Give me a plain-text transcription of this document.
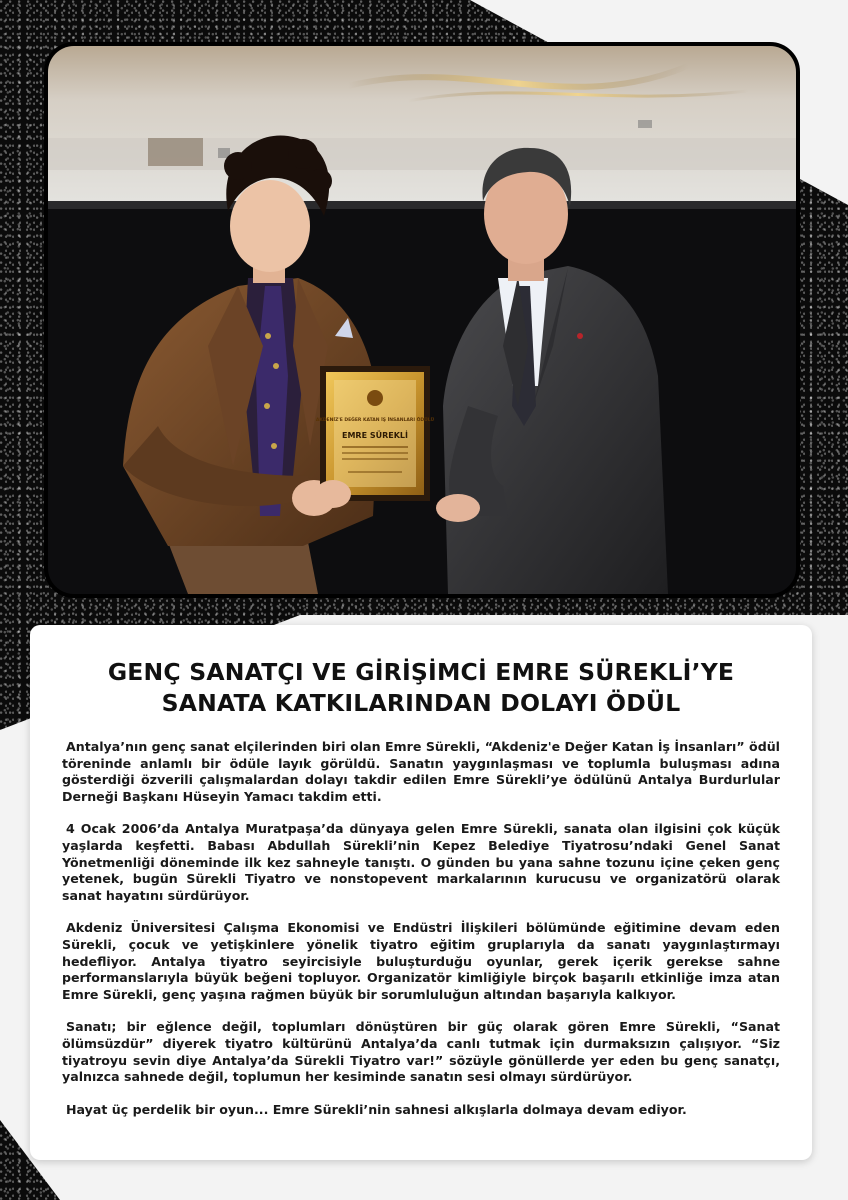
AKDENİZ'E DEĞER KATAN İŞ İNSANLARI ÖDÜLÜ
EMRE SÜREKLİ
GENÇ SANATÇI VE GİRİŞİMCİ EMRE SÜREKLİ’YE
SANATA KATKILARINDAN DOLAYI ÖDÜL

Antalya’nın genç sanat elçilerinden biri olan Emre Sürekli, “Akdeniz'e Değer Katan İş İnsanları” ödül töreninde anlamlı bir ödüle layık görüldü. Sanatın yaygınlaşması ve toplumla buluşması adına gösterdiği özverili çalışmalardan dolayı takdir edilen Emre Sürekli’ye ödülünü Antalya Burdurlular Derneği Başkanı Hüseyin Yamacı takdim etti.

4 Ocak 2006’da Antalya Muratpaşa’da dünyaya gelen Emre Sürekli, sanata olan ilgisini çok küçük yaşlarda keşfetti. Babası Abdullah Sürekli’nin Kepez Belediye Tiyatrosu’ndaki Genel Sanat Yönetmenliği döneminde ilk kez sahneyle tanıştı. O günden bu yana sahne tozunu içine çeken genç yetenek, bugün Sürekli Tiyatro ve nonstopevent markalarının kurucusu ve organizatörü olarak sanat hayatını sürdürüyor.

Akdeniz Üniversitesi Çalışma Ekonomisi ve Endüstri İlişkileri bölümünde eğitimine devam eden Sürekli, çocuk ve yetişkinlere yönelik tiyatro eğitim gruplarıyla da sanatı yaygınlaştırmayı hedefliyor. Antalya tiyatro seyircisiyle buluşturduğu oyunlar, gerek içerik gerekse sahne performanslarıyla büyük beğeni topluyor. Organizatör kimliğiyle birçok başarılı etkinliğe imza atan Emre Sürekli, genç yaşına rağmen büyük bir sorumluluğun altından başarıyla kalkıyor.

Sanatı; bir eğlence değil, toplumları dönüştüren bir güç olarak gören Emre Sürekli, “Sanat ölümsüzdür” diyerek tiyatro kültürünü Antalya’da canlı tutmak için durmaksızın çalışıyor. “Siz tiyatroyu sevin diye Antalya’da Sürekli Tiyatro var!” sözüyle gönüllerde yer eden bu genç sanatçı, yalnızca sahnede değil, toplumun her kesiminde sanatın sesi olmayı sürdürüyor.

Hayat üç perdelik bir oyun... Emre Sürekli’nin sahnesi alkışlarla dolmaya devam ediyor.
